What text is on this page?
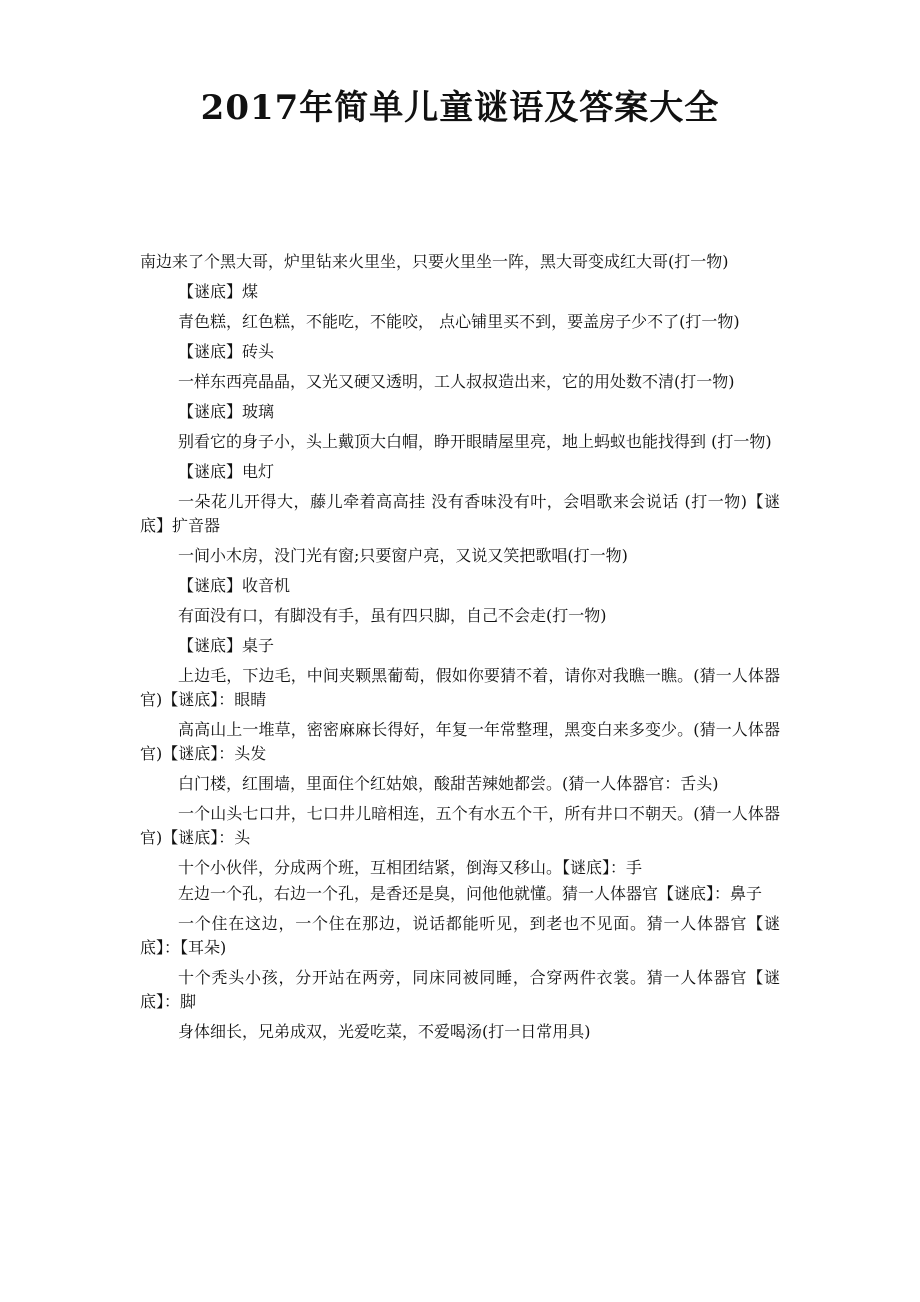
2017年简单儿童谜语及答案大全

南边来了个黑大哥，炉里钻来火里坐，只要火里坐一阵，黑大哥变成红大哥(打一物)

【谜底】煤

青色糕，红色糕，不能吃，不能咬， 点心铺里买不到，要盖房子少不了(打一物)

【谜底】砖头

一样东西亮晶晶，又光又硬又透明，工人叔叔造出来，它的用处数不清(打一物)

【谜底】玻璃

别看它的身子小，头上戴顶大白帽，睁开眼睛屋里亮，地上蚂蚁也能找得到 (打一物)

【谜底】电灯

一朵花儿开得大，藤儿牵着高高挂 没有香味没有叶，会唱歌来会说话 (打一物)【谜底】扩音器

一间小木房，没门光有窗;只要窗户亮，又说又笑把歌唱(打一物)

【谜底】收音机

有面没有口，有脚没有手，虽有四只脚，自己不会走(打一物)

【谜底】桌子

上边毛，下边毛，中间夹颗黑葡萄，假如你要猜不着，请你对我瞧一瞧。(猜一人体器官)【谜底】：眼睛

高高山上一堆草，密密麻麻长得好，年复一年常整理，黑变白来多变少。(猜一人体器官)【谜底】：头发

白门楼，红围墙，里面住个红姑娘，酸甜苦辣她都尝。(猜一人体器官：舌头)

一个山头七口井，七口井儿暗相连，五个有水五个干，所有井口不朝天。(猜一人体器官)【谜底】：头

十个小伙伴，分成两个班，互相团结紧，倒海又移山。【谜底】：手

左边一个孔，右边一个孔，是香还是臭，问他他就懂。猜一人体器官【谜底】：鼻子

一个住在这边，一个住在那边，说话都能听见，到老也不见面。猜一人体器官【谜底】：【耳朵)

十个秃头小孩，分开站在两旁，同床同被同睡，合穿两件衣裳。猜一人体器官【谜底】：脚

身体细长，兄弟成双，光爱吃菜，不爱喝汤(打一日常用具)
